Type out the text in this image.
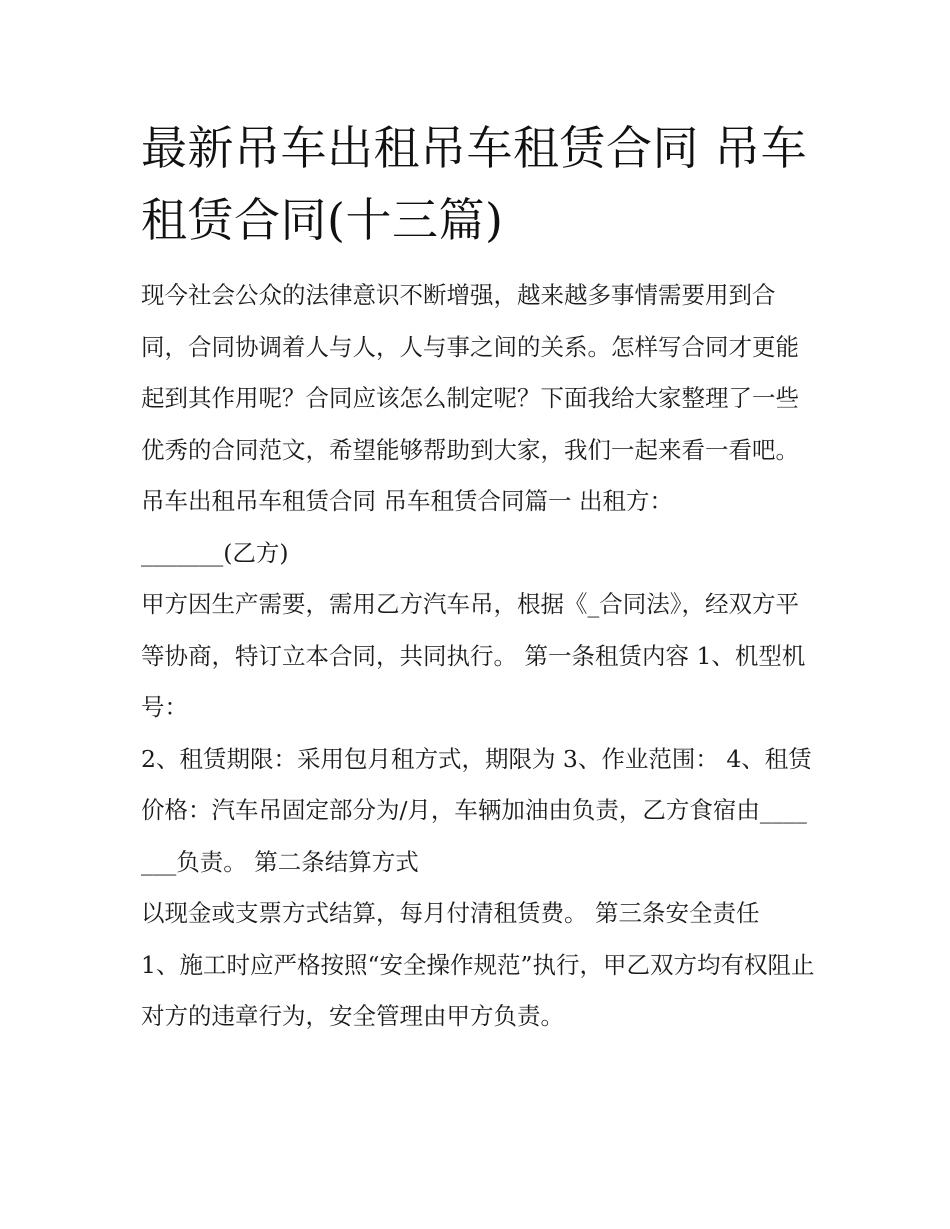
最新吊车出租吊车租赁合同 吊车租赁合同(十三篇)

现今社会公众的法律意识不断增强，越来越多事情需要用到合同，合同协调着人与人，人与事之间的关系。怎样写合同才更能起到其作用呢？合同应该怎么制定呢？下面我给大家整理了一些优秀的合同范文，希望能够帮助到大家，我们一起来看一看吧。

吊车出租吊车租赁合同 吊车租赁合同篇一 出租方：

_______(乙方)

甲方因生产需要，需用乙方汽车吊，根据《_合同法》，经双方平等协商，特订立本合同，共同执行。 第一条租赁内容 1、机型机号：

2、租赁期限：采用包月租方式，期限为 3、作业范围： 4、租赁价格：汽车吊固定部分为/月，车辆加油由负责，乙方食宿由_______负责。 第二条结算方式

以现金或支票方式结算，每月付清租赁费。 第三条安全责任

1、施工时应严格按照“安全操作规范”执行，甲乙双方均有权阻止对方的违章行为，安全管理由甲方负责。
